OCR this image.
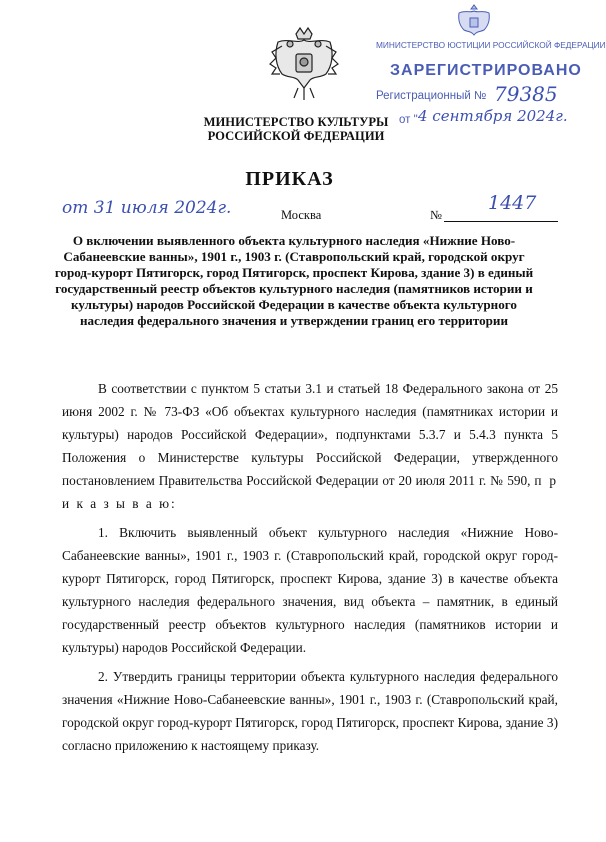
МИНИСТЕРСТВО КУЛЬТУРЫ
РОССИЙСКОЙ ФЕДЕРАЦИИ
МИНИСТЕРСТВО ЮСТИЦИИ РОССИЙСКОЙ ФЕДЕРАЦИИ
ЗАРЕГИСТРИРОВАНО
Регистрационный № 79385
от " 4 сентября 2024г.
ПРИКАЗ
от 31 июля 2024г.	Москва	№
1447
О включении выявленного объекта культурного наследия «Нижние Ново-Сабанеевские ванны», 1901 г., 1903 г. (Ставропольский край, городской округ город-курорт Пятигорск, город Пятигорск, проспект Кирова, здание 3) в единый государственный реестр объектов культурного наследия (памятников истории и культуры) народов Российской Федерации в качестве объекта культурного наследия федерального значения и утверждении границ его территории

В соответствии с пунктом 5 статьи 3.1 и статьей 18 Федерального закона от 25 июня 2002 г. № 73-ФЗ «Об объектах культурного наследия (памятниках истории и культуры) народов Российской Федерации», подпунктами 5.3.7 и 5.4.3 пункта 5 Положения о Министерстве культуры Российской Федерации, утвержденного постановлением Правительства Российской Федерации от 20 июля 2011 г. № 590, п р и к а з ы в а ю:

1. Включить выявленный объект культурного наследия «Нижние Ново-Сабанеевские ванны», 1901 г., 1903 г. (Ставропольский край, городской округ город-курорт Пятигорск, город Пятигорск, проспект Кирова, здание 3) в качестве объекта культурного наследия федерального значения, вид объекта – памятник, в единый государственный реестр объектов культурного наследия (памятников истории и культуры) народов Российской Федерации.

2. Утвердить границы территории объекта культурного наследия федерального значения «Нижние Ново-Сабанеевские ванны», 1901 г., 1903 г. (Ставропольский край, городской округ город-курорт Пятигорск, город Пятигорск, проспект Кирова, здание 3) согласно приложению к настоящему приказу.
